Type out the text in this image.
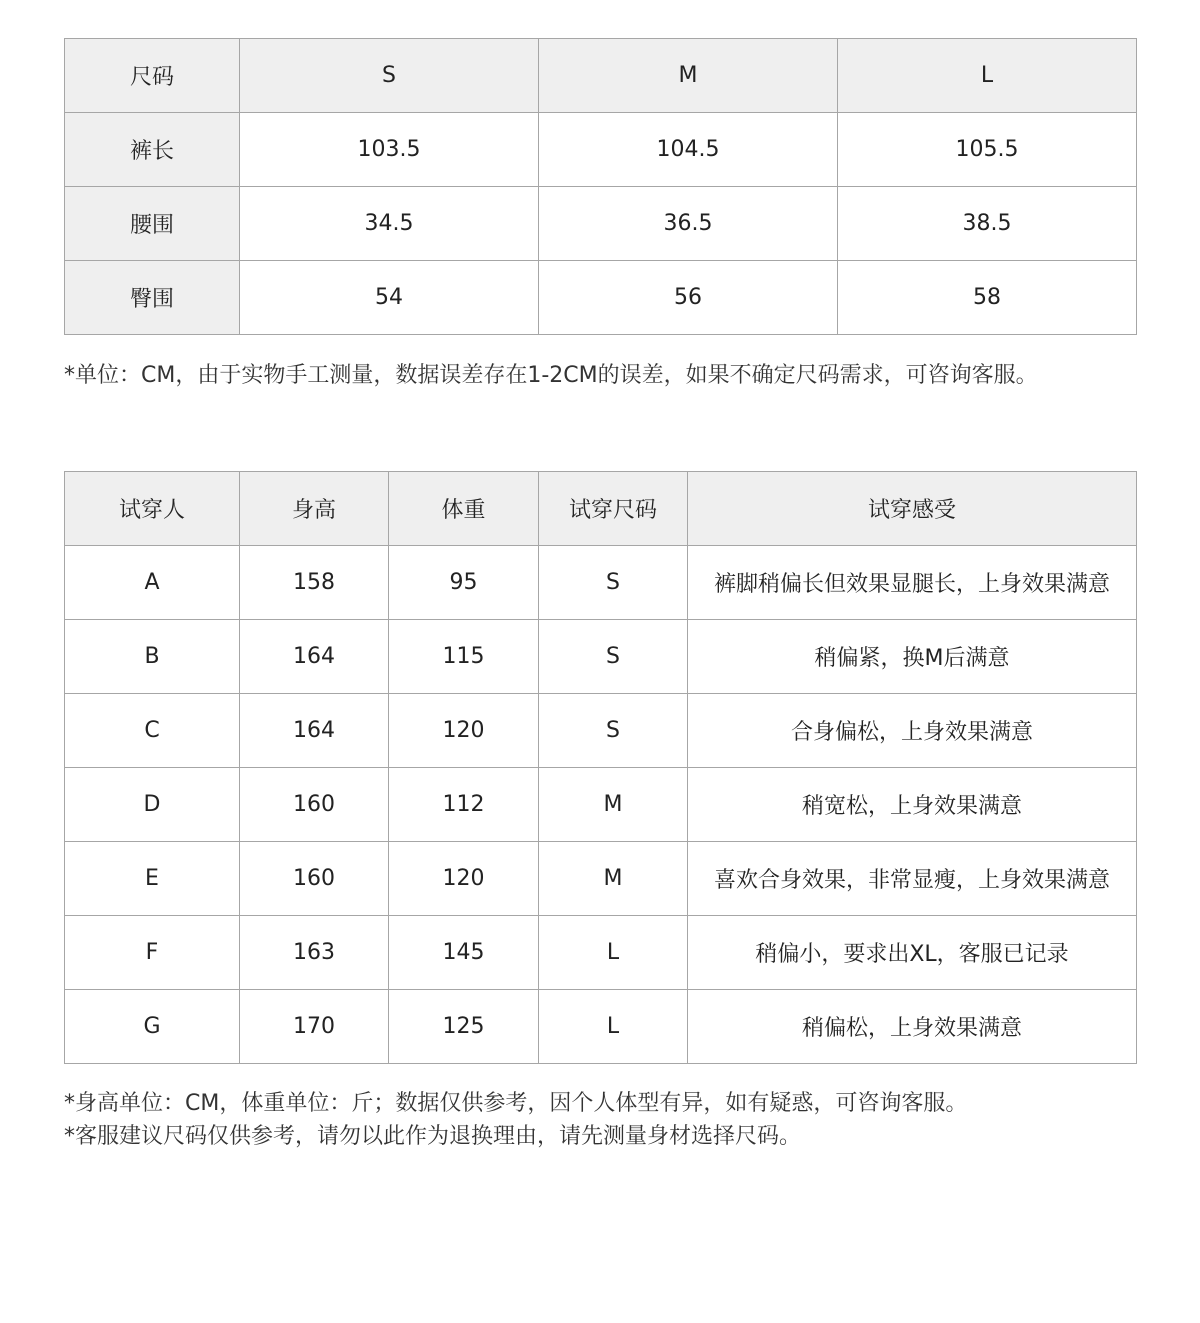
尺码	S	M	L
裤长	103.5	104.5	105.5
腰围	34.5	36.5	38.5
臀围	54	56	58
*单位：CM，由于实物手工测量，数据误差存在1-2CM的误差，如果不确定尺码需求，可咨询客服。
试穿人	身高	体重	试穿尺码	试穿感受
A	158	95	S	裤脚稍偏长但效果显腿长，上身效果满意
B	164	115	S	稍偏紧，换M后满意
C	164	120	S	合身偏松，上身效果满意
D	160	112	M	稍宽松，上身效果满意
E	160	120	M	喜欢合身效果，非常显瘦，上身效果满意
F	163	145	L	稍偏小，要求出XL，客服已记录
G	170	125	L	稍偏松，上身效果满意
*身高单位：CM，体重单位：斤；数据仅供参考，因个人体型有异，如有疑惑，可咨询客服。
*客服建议尺码仅供参考，请勿以此作为退换理由，请先测量身材选择尺码。
